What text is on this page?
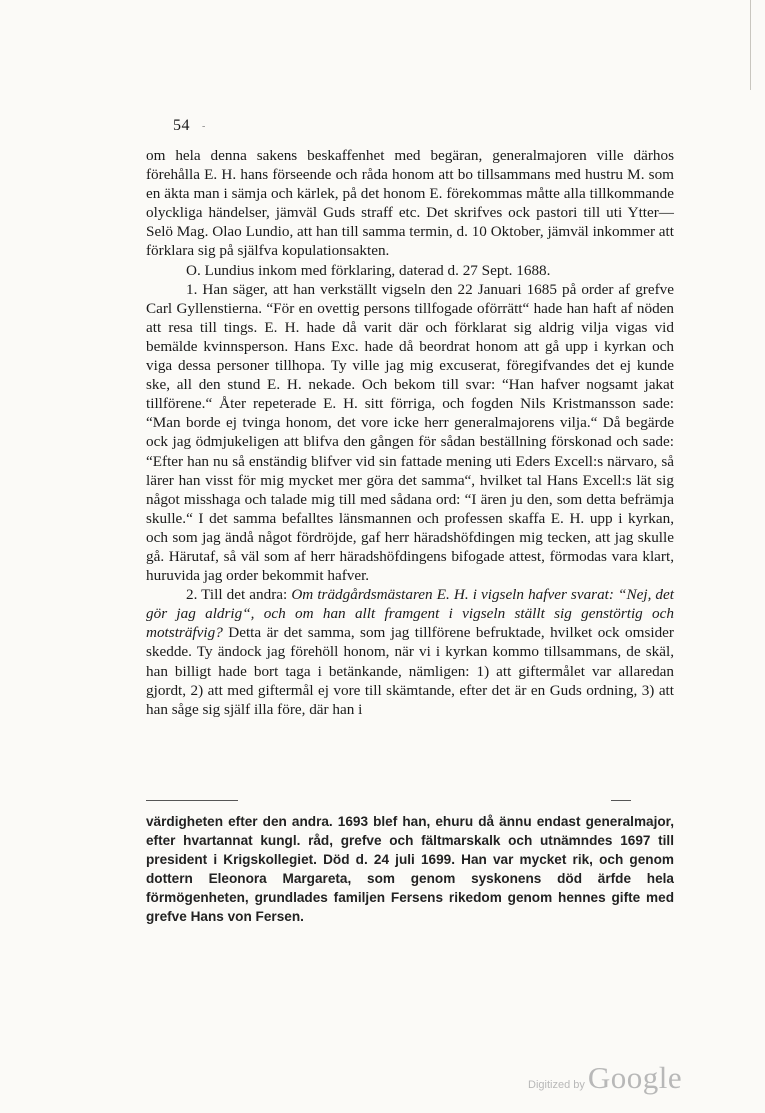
54 -

om hela denna sakens beskaffenhet med begäran, generalmajoren ville därhos förehålla E. H. hans förseende och råda honom att bo tillsammans med hustru M. som en äkta man i sämja och kärlek, på det honom E. förekommas måtte alla tillkommande olyckliga händelser, jämväl Guds straff etc. Det skrifves ock pastori till uti Ytter—Selö Mag. Olao Lundio, att han till samma termin, d. 10 Oktober, jämväl inkommer att förklara sig på själfva kopulationsakten.

O. Lundius inkom med förklaring, daterad d. 27 Sept. 1688.

1. Han säger, att han verkställt vigseln den 22 Januari 1685 på order af grefve Carl Gyllenstierna. “För en ovettig persons tillfogade oförrätt“ hade han haft af nöden att resa till tings. E. H. hade då varit där och förklarat sig aldrig vilja vigas vid bemälde kvinnsperson. Hans Exc. hade då beordrat honom att gå upp i kyrkan och viga dessa personer tillhopa. Ty ville jag mig excuserat, föregifvandes det ej kunde ske, all den stund E. H. nekade. Och bekom till svar: “Han hafver nogsamt jakat tillförene.“ Åter repeterade E. H. sitt förriga, och fogden Nils Kristmansson sade: “Man borde ej tvinga honom, det vore icke herr generalmajorens vilja.“ Då begärde ock jag ödmjukeligen att blifva den gången för sådan beställning förskonad och sade: “Efter han nu så enständig blifver vid sin fattade mening uti Eders Excell:s närvaro, så lärer han visst för mig mycket mer göra det samma“, hvilket tal Hans Excell:s lät sig något misshaga och talade mig till med sådana ord: “I ären ju den, som detta befrämja skulle.“ I det samma befalltes länsmannen och professen skaffa E. H. upp i kyrkan, och som jag ändå något fördröjde, gaf herr häradshöfdingen mig tecken, att jag skulle gå. Härutaf, så väl som af herr häradshöfdingens bifogade attest, förmodas vara klart, huruvida jag order bekommit hafver.

2. Till det andra: Om trädgårdsmästaren E. H. i vigseln hafver svarat: “Nej, det gör jag aldrig“, och om han allt framgent i vigseln ställt sig genstörtig och motsträfvig? Detta är det samma, som jag tillförene befruktade, hvilket ock omsider skedde. Ty ändock jag förehöll honom, när vi i kyrkan kommo tillsammans, de skäl, han billigt hade bort taga i betänkande, nämligen: 1) att giftermålet var allaredan gjordt, 2) att med giftermål ej vore till skämtande, efter det är en Guds ordning, 3) att han såge sig själf illa före, där han i

värdigheten efter den andra. 1693 blef han, ehuru då ännu endast generalmajor, efter hvartannat kungl. råd, grefve och fältmarskalk och utnämndes 1697 till president i Krigskollegiet. Död d. 24 juli 1699. Han var mycket rik, och genom dottern Eleonora Margareta, som genom syskonens död ärfde hela förmögenheten, grundlades familjen Fersens rikedom genom hennes gifte med grefve Hans von Fersen.
Digitized by Google
